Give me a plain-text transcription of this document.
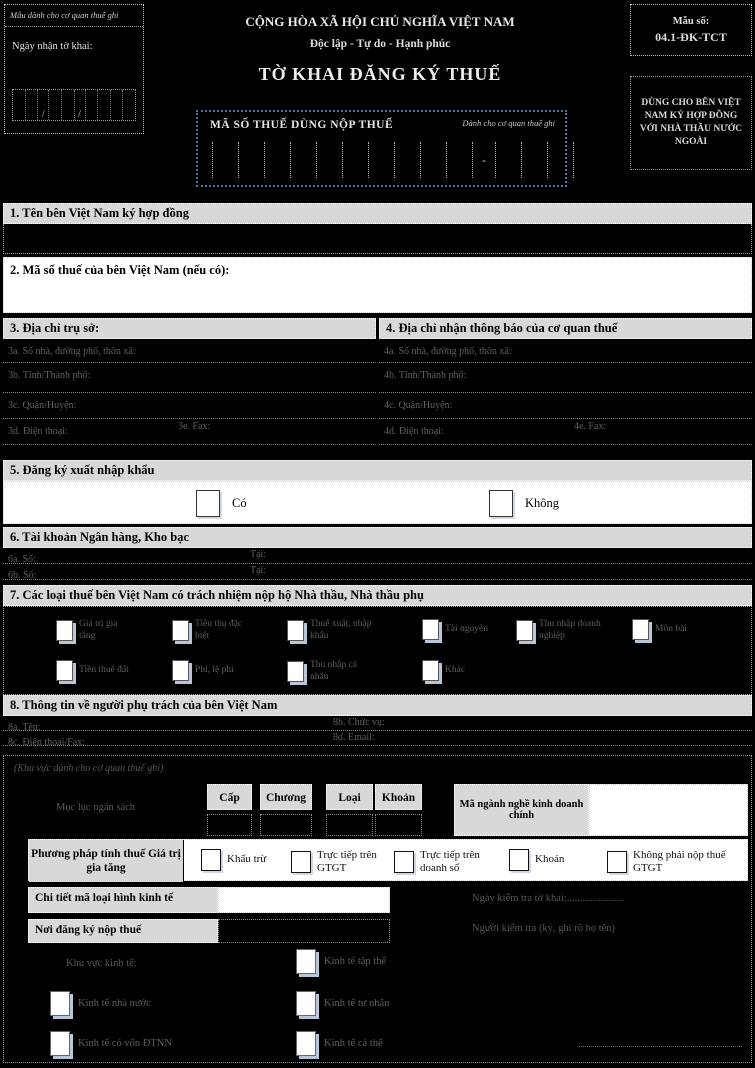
Mẫu dành cho cơ quan thuế ghi
Ngày nhận tờ khai:
/	/
CỘNG HÒA XÃ HỘI CHỦ NGHĨA VIỆT NAM
Độc lập - Tự do - Hạnh phúc
TỜ KHAI ĐĂNG KÝ THUẾ
Mẫu số:
04.1-ĐK-TCT
DÙNG CHO BÊN VIỆT NAM KÝ HỢP ĐỒNG VỚI NHÀ THẦU NƯỚC NGOÀI
MÃ SỐ THUẾ DÙNG NỘP THUẾ	Dành cho cơ quan thuế ghi
-
1. Tên bên Việt Nam ký hợp đồng
2. Mã số thuế của bên Việt Nam (nếu có):
3. Địa chỉ trụ sở:
3a. Số nhà, đường phố, thôn xã:
3b. Tỉnh/Thành phố:
3c. Quận/Huyện:
3d. Điện thoại:	3e. Fax:
4. Địa chỉ nhận thông báo của cơ quan thuế
4a. Số nhà, đường phố, thôn xã:
4b. Tỉnh/Thành phố:
4c. Quận/Huyện:
4d. Điện thoại:	4e. Fax:
5. Đăng ký xuất nhập khẩu
Có	Không
6. Tài khoản Ngân hàng, Kho bạc
6a. Số:	Tại:
6b. Số:	Tại:
7. Các loại thuế bên Việt Nam có trách nhiệm nộp hộ Nhà thầu, Nhà thầu phụ
Giá trị gia tăng
Tiêu thụ đặc biệt
Thuế xuất, nhập khẩu
Tài nguyên	Thu nhập doanh nghiệp
Môn bài
Tiền thuê đất	Phí, lệ phí	Thu nhập cá nhân
Khác
8. Thông tin về người phụ trách của bên Việt Nam
8a. Tên:	8b. Chức vụ:
8c. Điện thoại/Fax:	8d. Email:
(Khu vực dành cho cơ quan thuế ghi)
Mục lục ngân sách
Cấp	Chương	Loại	Khoản
Mã ngành nghề kinh doanh chính
Phương pháp tính thuế Giá trị gia tăng
Khấu trừ	Trực tiếp trên GTGT
Trực tiếp trên doanh số
Khoán	Không phải nộp thuế GTGT
Chi tiết mã loại hình kinh tế	Ngày kiểm tra tờ khai:......................
Nơi đăng ký nộp thuế	Người kiểm tra (ký, ghi rõ họ tên)
Khu vực kinh tế:	Kinh tế tập thể
Kinh tế nhà nước	Kinh tế tư nhân
Kinh tế có vốn ĐTNN	Kinh tế cá thể
